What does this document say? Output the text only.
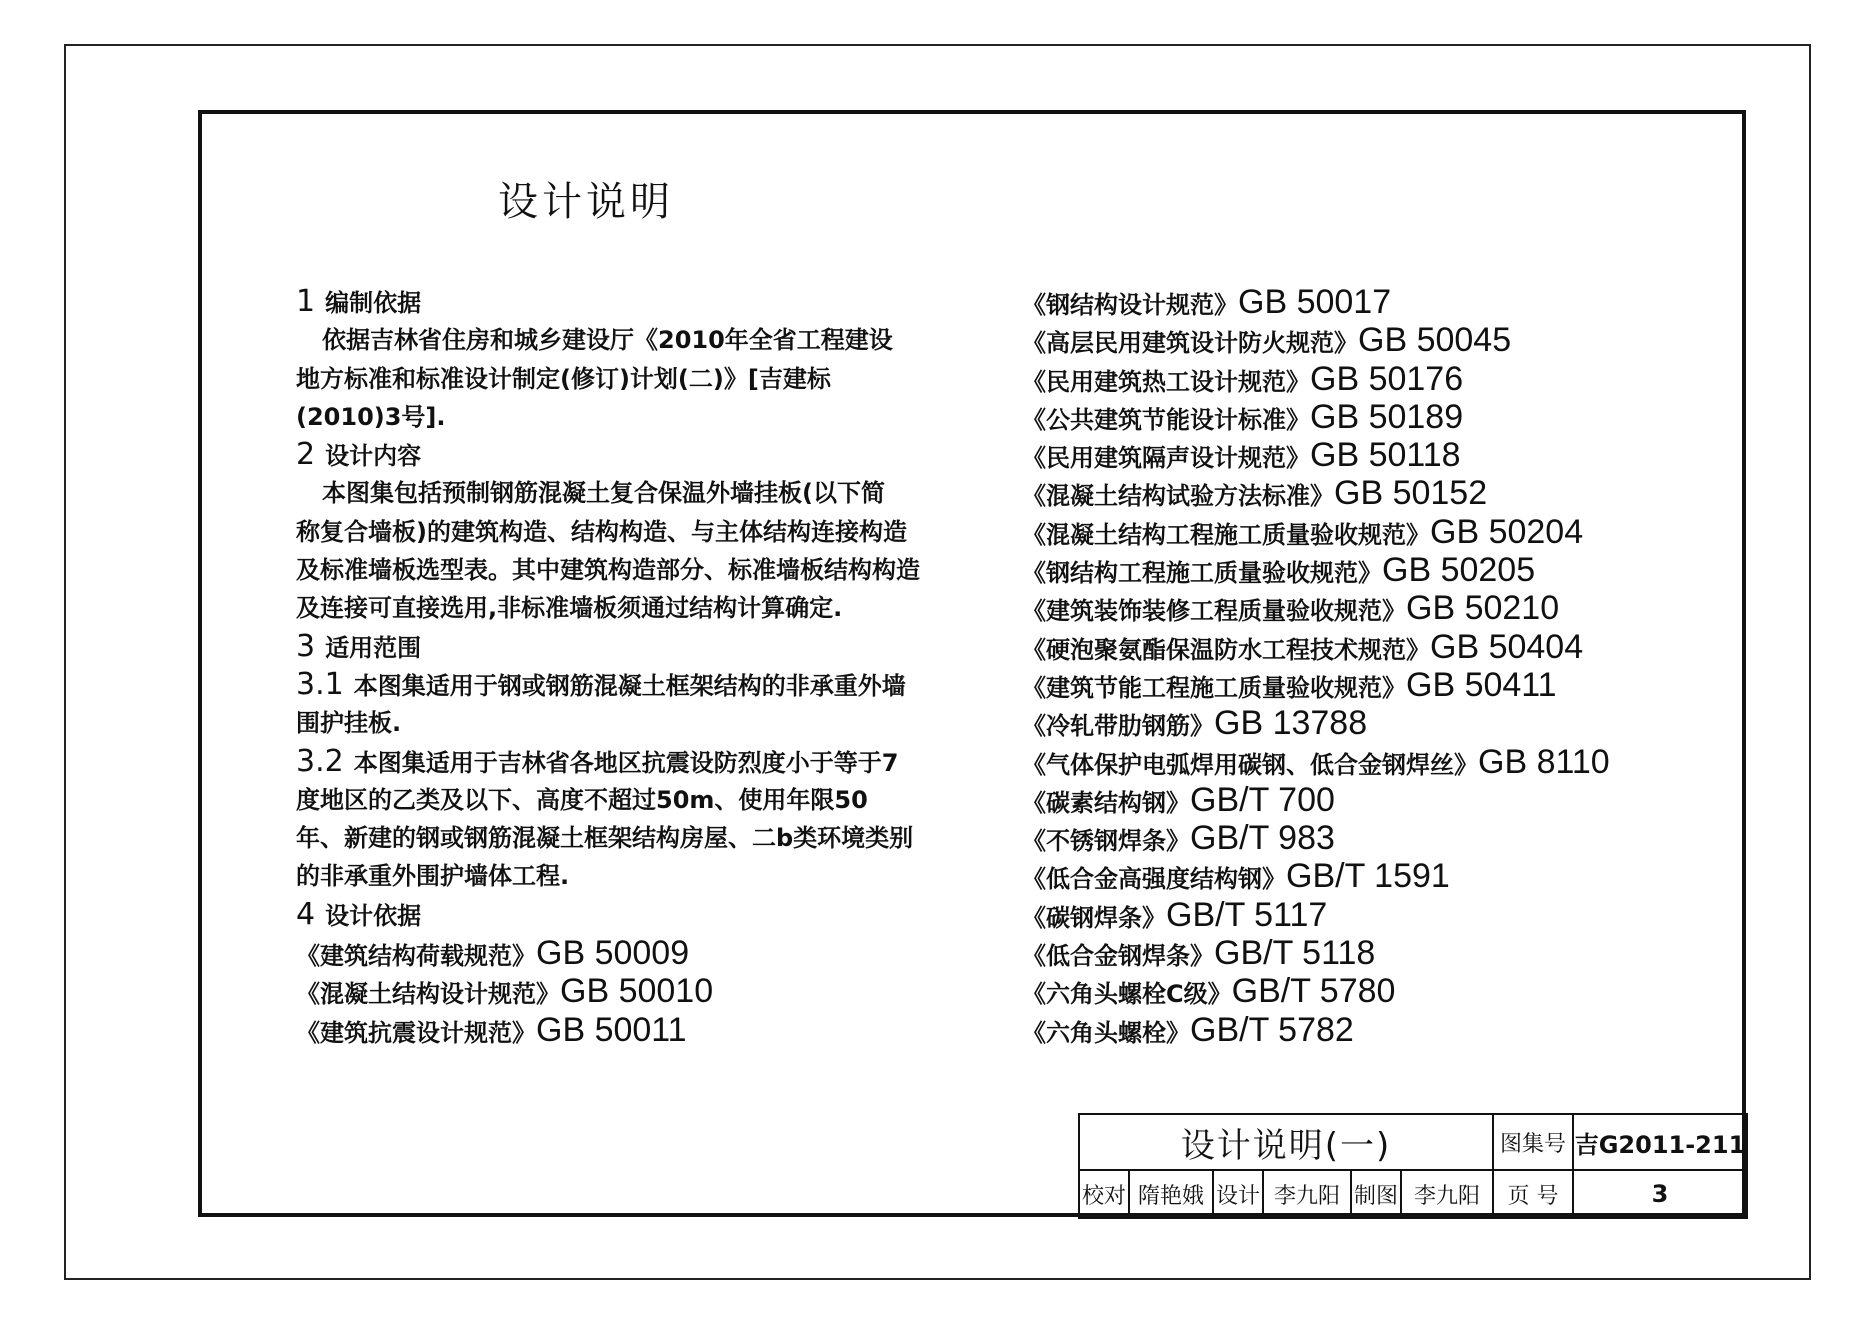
设计说明
1 编制依据
依据吉林省住房和城乡建设厅《2010年全省工程建设
地方标准和标准设计制定(修订)计划(二)》[吉建标
(2010)3号].
2 设计内容
本图集包括预制钢筋混凝土复合保温外墙挂板(以下简
称复合墙板)的建筑构造、结构构造、与主体结构连接构造
及标准墙板选型表。其中建筑构造部分、标准墙板结构构造
及连接可直接选用,非标准墙板须通过结构计算确定.
3 适用范围
3.1 本图集适用于钢或钢筋混凝土框架结构的非承重外墙
围护挂板.
3.2 本图集适用于吉林省各地区抗震设防烈度小于等于7
度地区的乙类及以下、高度不超过50m、使用年限50
年、新建的钢或钢筋混凝土框架结构房屋、二b类环境类别
的非承重外围护墙体工程.
4 设计依据
《建筑结构荷载规范》GB 50009
《混凝土结构设计规范》GB 50010
《建筑抗震设计规范》GB 50011
《钢结构设计规范》GB 50017
《高层民用建筑设计防火规范》GB 50045
《民用建筑热工设计规范》GB 50176
《公共建筑节能设计标准》GB 50189
《民用建筑隔声设计规范》GB 50118
《混凝土结构试验方法标准》GB 50152
《混凝土结构工程施工质量验收规范》GB 50204
《钢结构工程施工质量验收规范》GB 50205
《建筑装饰装修工程质量验收规范》GB 50210
《硬泡聚氨酯保温防水工程技术规范》GB 50404
《建筑节能工程施工质量验收规范》GB 50411
《冷轧带肋钢筋》GB 13788
《气体保护电弧焊用碳钢、低合金钢焊丝》GB 8110
《碳素结构钢》GB/T 700
《不锈钢焊条》GB/T 983
《低合金高强度结构钢》GB/T 1591
《碳钢焊条》GB/T 5117
《低合金钢焊条》GB/T 5118
《六角头螺栓C级》GB/T 5780
《六角头螺栓》GB/T 5782
设计说明(一)						图集号	吉G2011-211
校对	隋艳娥	设计	李九阳	制图	李九阳	页 号	3
